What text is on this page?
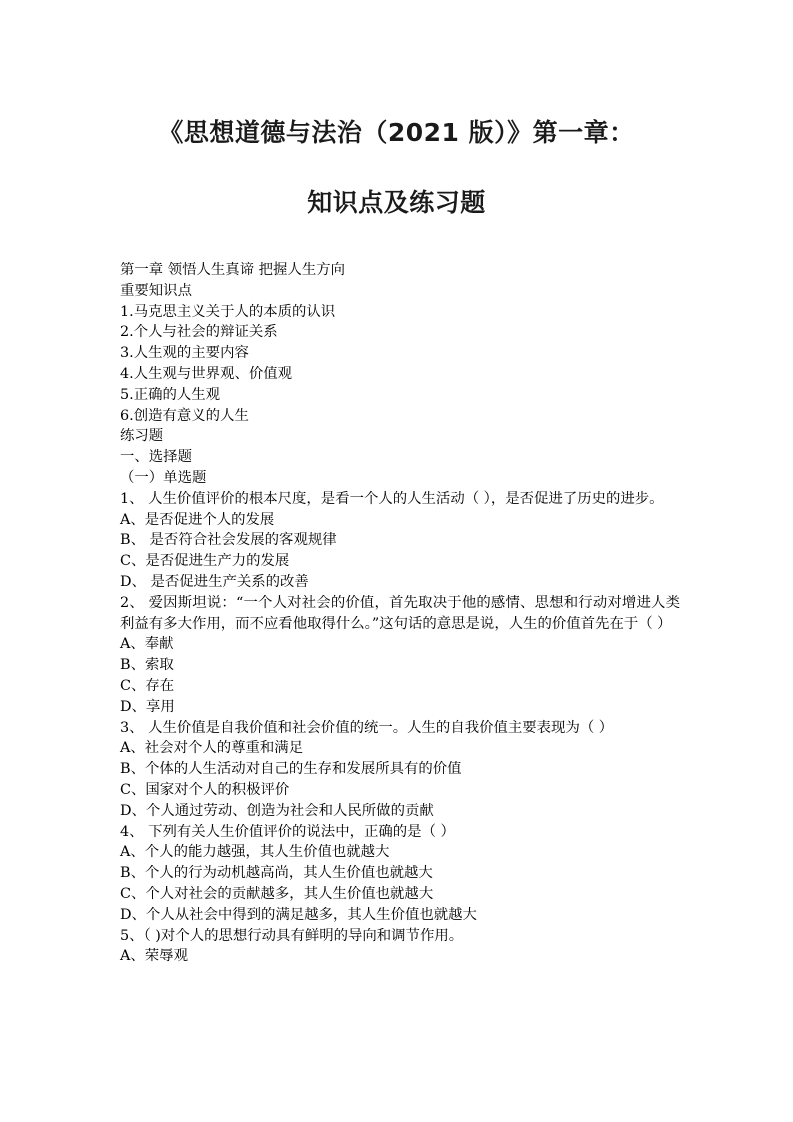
《思想道德与法治（2021 版）》第一章：
知识点及练习题
第一章 领悟人生真谛 把握人生方向
重要知识点
1.马克思主义关于人的本质的认识
2.个人与社会的辩证关系
3.人生观的主要内容
4.人生观与世界观、价值观
5.正确的人生观
6.创造有意义的人生
练习题
一、选择题
（一）单选题
1、 人生价值评价的根本尺度，是看一个人的人生活动（ ），是否促进了历史的进步。
A、是否促进个人的发展
B、 是否符合社会发展的客观规律
C、是否促进生产力的发展
D、 是否促进生产关系的改善
2、 爱因斯坦说：“一个人对社会的价值，首先取决于他的感情、思想和行动对增进人类利益有多大作用，而不应看他取得什么。”这句话的意思是说，人生的价值首先在于（ ）
A、奉献
B、索取
C、存在
D、享用
3、 人生价值是自我价值和社会价值的统一。人生的自我价值主要表现为（ ）
A、社会对个人的尊重和满足
B、个体的人生活动对自己的生存和发展所具有的价值
C、国家对个人的积极评价
D、个人通过劳动、创造为社会和人民所做的贡献
4、 下列有关人生价值评价的说法中，正确的是（ ）
A、个人的能力越强，其人生价值也就越大
B、个人的行为动机越高尚，其人生价值也就越大
C、个人对社会的贡献越多，其人生价值也就越大
D、个人从社会中得到的满足越多，其人生价值也就越大
5、（ )对个人的思想行动具有鲜明的导向和调节作用。
A、荣辱观
